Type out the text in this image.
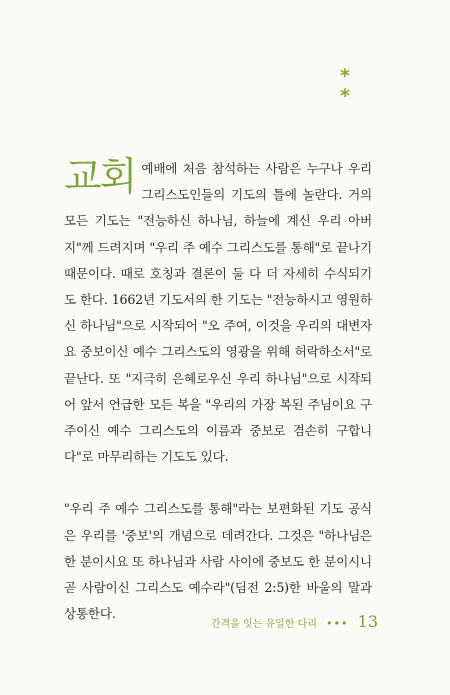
*
*

교회 예배에 처음 참석하는 사람은 누구나 우리 그리스도인들의 기도의 틀에 놀란다. 거의 모든 기도는 "전능하신 하나님, 하늘에 계신 우리 아버지"께 드려지며 "우리 주 예수 그리스도를 통해"로 끝나기 때문이다. 때로 호칭과 결론이 둘 다 더 자세히 수식되기도 한다. 1662년 기도서의 한 기도는 "전능하시고 영원하신 하나님"으로 시작되어 "오 주여, 이것을 우리의 대변자요 중보이신 예수 그리스도의 영광을 위해 허락하소서"로 끝난다. 또 "지극히 은혜로우신 우리 하나님"으로 시작되어 앞서 언급한 모든 복을 "우리의 가장 복된 주님이요 구주이신 예수 그리스도의 이름과 중보로 겸손히 구합니다"로 마무리하는 기도도 있다.

"우리 주 예수 그리스도를 통해"라는 보편화된 기도 공식은 우리를 '중보'의 개념으로 데려간다. 그것은 "하나님은 한 분이시요 또 하나님과 사람 사이에 중보도 한 분이시니 곧 사람이신 그리스도 예수라"(딤전 2:5)한 바울의 말과 상통한다.

간격을 잇는 유일한 다리 ••• 13
